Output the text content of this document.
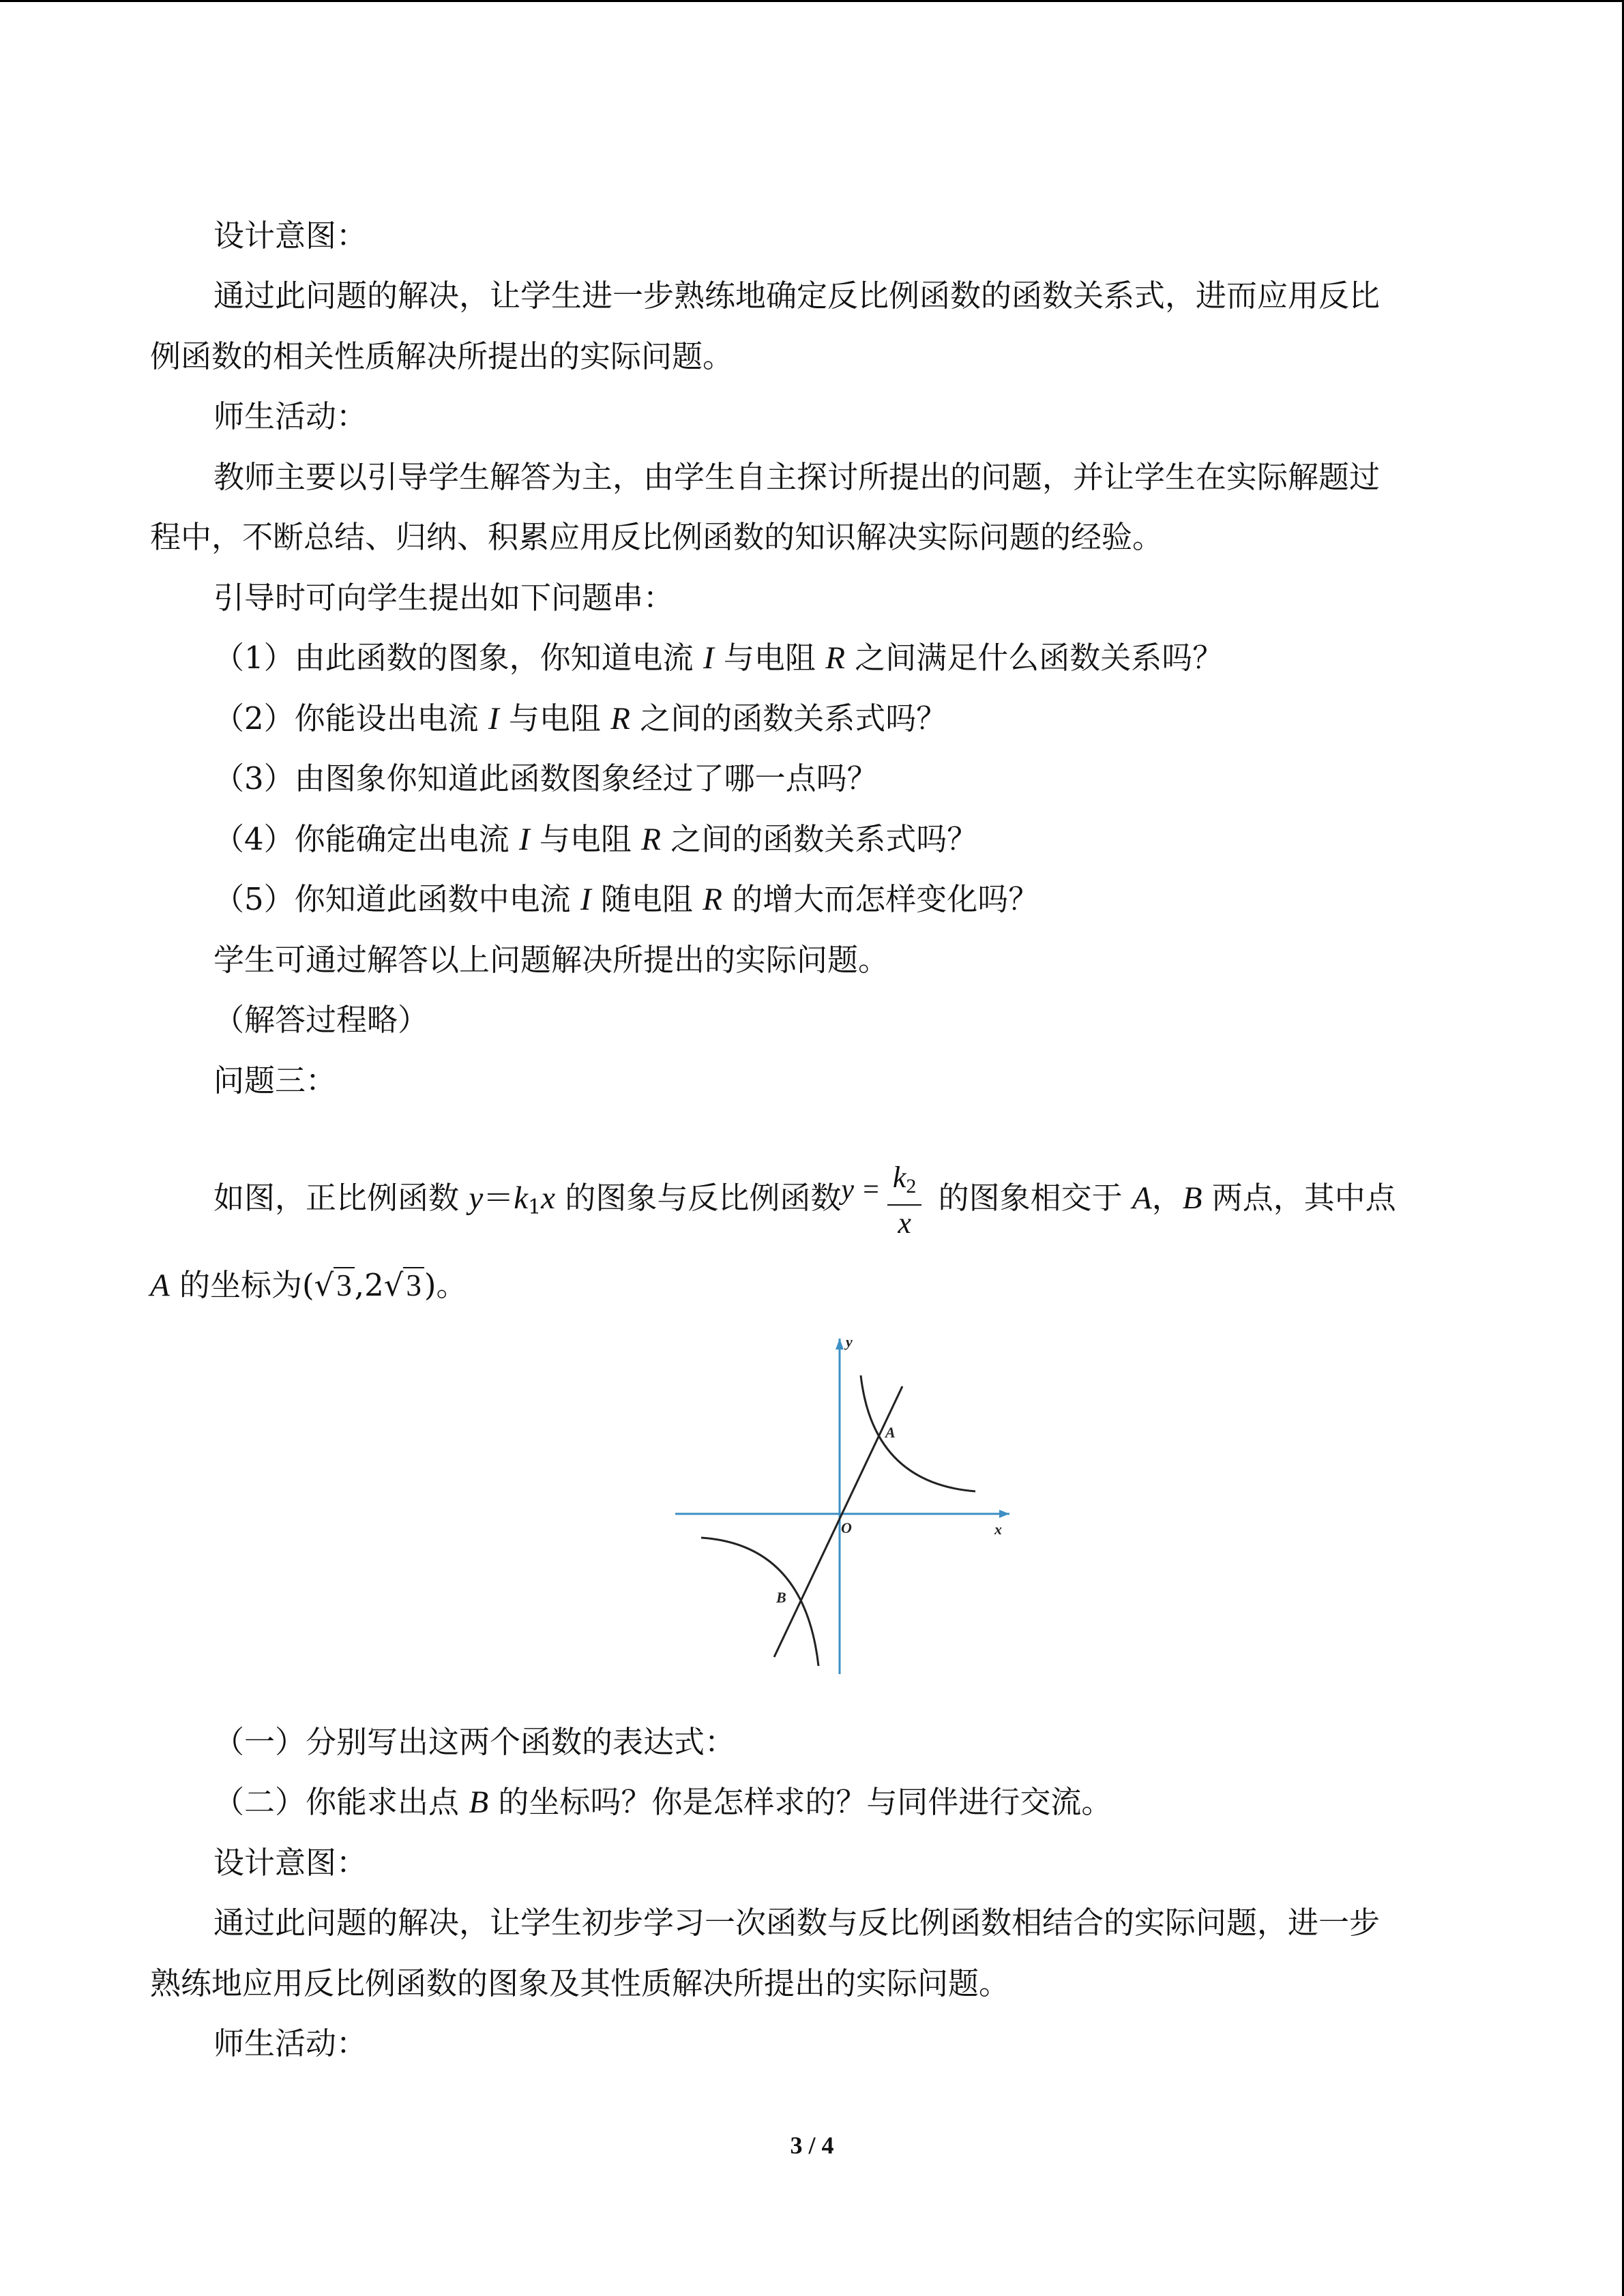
设计意图：
通过此问题的解决，让学生进一步熟练地确定反比例函数的函数关系式，进而应用反比
例函数的相关性质解决所提出的实际问题。
师生活动：
教师主要以引导学生解答为主，由学生自主探讨所提出的问题，并让学生在实际解题过
程中，不断总结、归纳、积累应用反比例函数的知识解决实际问题的经验。
引导时可向学生提出如下问题串：
（1）由此函数的图象，你知道电流 I 与电阻 R 之间满足什么函数关系吗？
（2）你能设出电流 I 与电阻 R 之间的函数关系式吗？
（3）由图象你知道此函数图象经过了哪一点吗？
（4）你能确定出电流 I 与电阻 R 之间的函数关系式吗？
（5）你知道此函数中电流 I 随电阻 R 的增大而怎样变化吗？
学生可通过解答以上问题解决所提出的实际问题。
（解答过程略）
问题三：
如图，正比例函数 $y=k_1x$ 的图象与反比例函数$y = \frac{k_2}{x}$ 的图象相交于 A，B 两点，其中点
A 的坐标为(√3,2√3)。
y
x
O
A
B
（一）分别写出这两个函数的表达式：
（二）你能求出点 B 的坐标吗？你是怎样求的？与同伴进行交流。
设计意图：
通过此问题的解决，让学生初步学习一次函数与反比例函数相结合的实际问题，进一步
熟练地应用反比例函数的图象及其性质解决所提出的实际问题。
师生活动：
3 / 4
